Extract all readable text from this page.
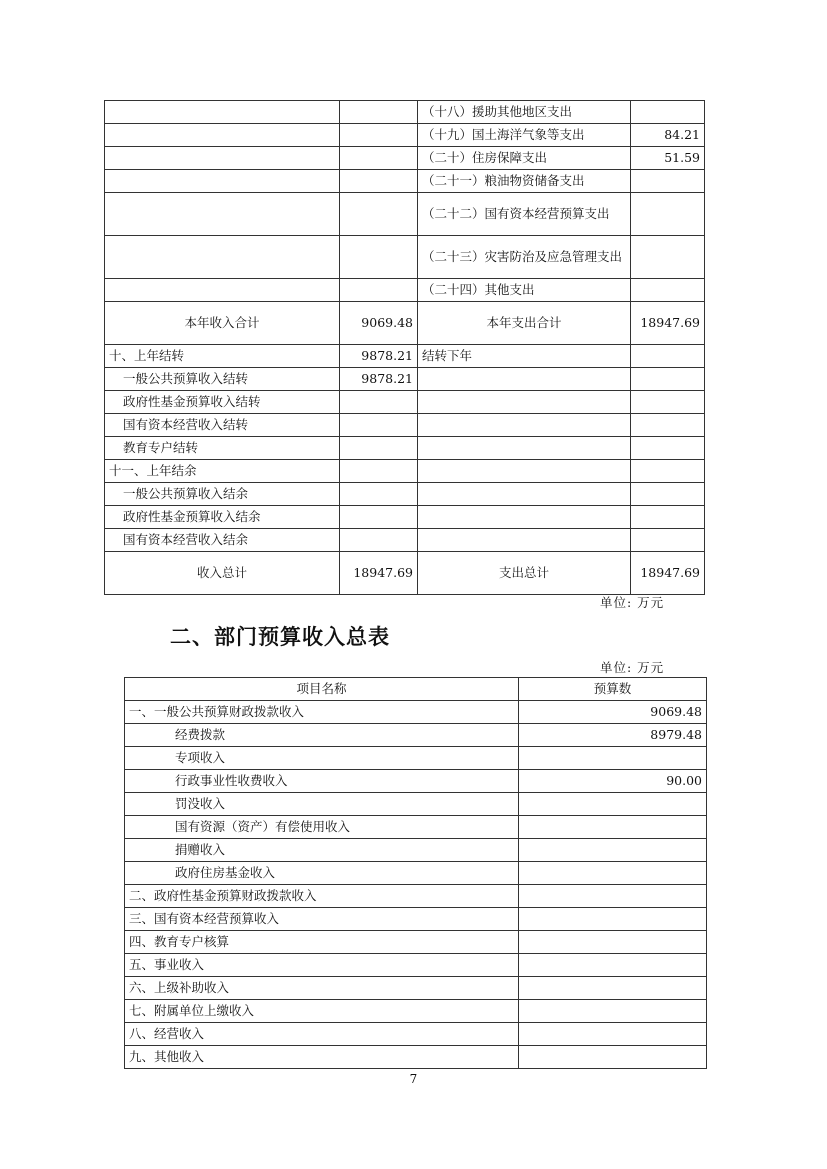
		（十八）援助其他地区支出	
		（十九）国土海洋气象等支出	84.21
		（二十）住房保障支出	51.59
		（二十一）粮油物资储备支出	
		（二十二）国有资本经营预算支出	
		（二十三）灾害防治及应急管理支出	
		（二十四）其他支出	
本年收入合计	9069.48	本年支出合计	18947.69
十、上年结转	9878.21	结转下年	
一般公共预算收入结转	9878.21		
政府性基金预算收入结转			
国有资本经营收入结转			
教育专户结转			
十一、上年结余			
一般公共预算收入结余			
政府性基金预算收入结余			
国有资本经营收入结余			
收入总计	18947.69	支出总计	18947.69
单位: 万元
二、部门预算收入总表
单位: 万元
项目名称	预算数
一、一般公共预算财政拨款收入	9069.48
经费拨款	8979.48
专项收入	
行政事业性收费收入	90.00
罚没收入	
国有资源（资产）有偿使用收入	
捐赠收入	
政府住房基金收入	
二、政府性基金预算财政拨款收入	
三、国有资本经营预算收入	
四、教育专户核算	
五、事业收入	
六、上级补助收入	
七、附属单位上缴收入	
八、经营收入	
九、其他收入	
7
